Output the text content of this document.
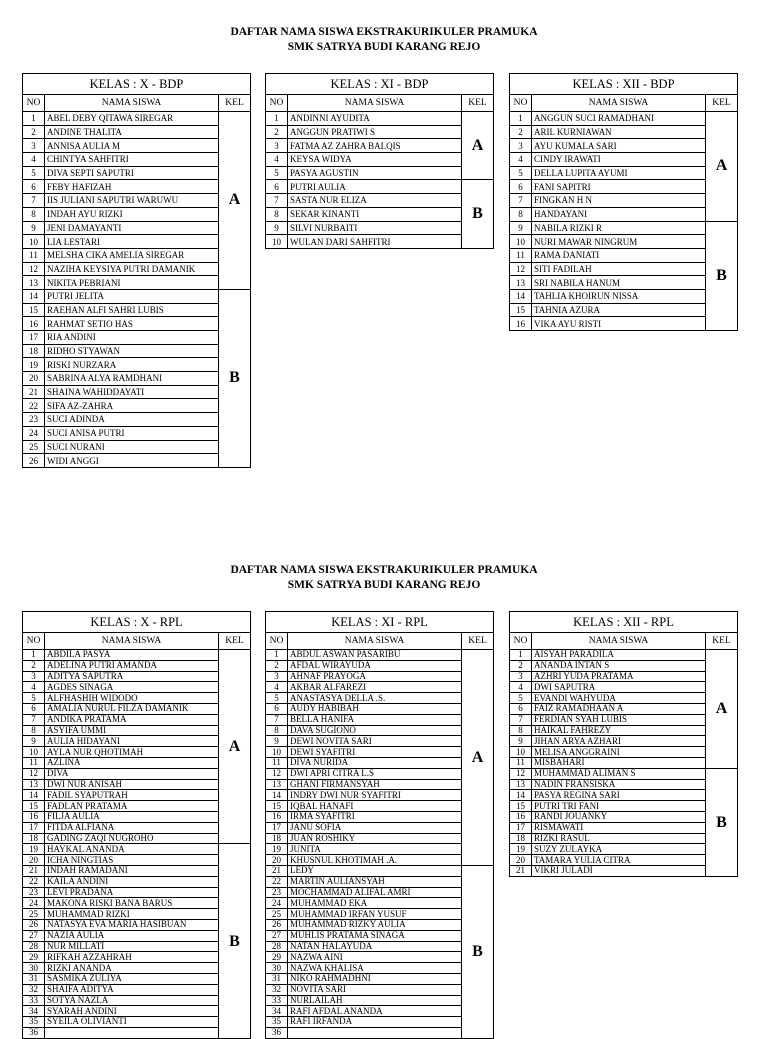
DAFTAR NAMA SISWA EKSTRAKURIKULER PRAMUKA
SMK SATRYA BUDI KARANG REJO
DAFTAR NAMA SISWA EKSTRAKURIKULER PRAMUKA
SMK SATRYA BUDI KARANG REJO
KELAS : X - BDP		
NO	NAMA SISWA	KEL
1	ABEL DEBY QITAWA SIREGAR	A
2	ANDINE THALITA	
3	ANNISA AULIA M	
4	CHINTYA SAHFITRI	
5	DIVA SEPTI SAPUTRI	
6	FEBY HAFIZAH	
7	IIS JULIANI SAPUTRI WARUWU	
8	INDAH AYU RIZKI	
9	JENI DAMAYANTI	
10	LIA LESTARI	
11	MELSHA CIKA AMELIA SIREGAR	
12	NAZIHA KEYSIYA PUTRI DAMANIK	
13	NIKITA PEBRIANI	
14	PUTRI JELITA	B
15	RAEHAN ALFI SAHRI LUBIS	
16	RAHMAT SETIO HAS	
17	RIA ANDINI	
18	RIDHO STYAWAN	
19	RISKI NURZARA	
20	SABRINA ALYA RAMDHANI	
21	SHAINA WAHIDDAYATI	
22	SIFA AZ-ZAHRA	
23	SUCI ADINDA	
24	SUCI ANISA PUTRI	
25	SUCI NURANI	
26	WIDI ANGGI	
KELAS : XI - BDP		
NO	NAMA SISWA	KEL
1	ANDINNI AYUDITA	A
2	ANGGUN PRATIWI S	
3	FATMA AZ ZAHRA BALQIS	
4	KEYSA WIDYA	
5	PASYA AGUSTIN	
6	PUTRI AULIA	B
7	SASTA NUR ELIZA	
8	SEKAR KINANTI	
9	SILVI NURBAITI	
10	WULAN DARI SAHFITRI	
KELAS : XII - BDP		
NO	NAMA SISWA	KEL
1	ANGGUN SUCI RAMADHANI	A
2	ARIL KURNIAWAN	
3	AYU KUMALA SARI	
4	CINDY IRAWATI	
5	DELLA LUPITA AYUMI	
6	FANI SAPITRI	
7	FINGKAN H N	
8	HANDAYANI	
9	NABILA RIZKI R	B
10	NURI MAWAR NINGRUM	
11	RAMA DANIATI	
12	SITI FADILAH	
13	SRI NABILA HANUM	
14	TAHLIA KHOIRUN NISSA	
15	TAHNIA AZURA	
16	VIKA AYU RISTI	
KELAS : X - RPL		
NO	NAMA SISWA	KEL
1	ABDILA PASYA	A
2	ADELINA PUTRI AMANDA	
3	ADITYA SAPUTRA	
4	AGDES SINAGA	
5	ALFHASHIH WIDODO	
6	AMALIA NURUL FILZA DAMANIK	
7	ANDIKA PRATAMA	
8	ASYIFA UMMI	
9	AULIA HIDAYANI	
10	AYLA NUR QHOTIMAH	
11	AZLINA	
12	DIVA	
13	DWI NUR ANISAH	
14	FADIL SYAPUTRAH	
15	FADLAN PRATAMA	
16	FILJA AULIA	
17	FITDA ALFIANA	
18	GADING ZAQI NUGROHO	
19	HAYKAL ANANDA	B
20	ICHA NINGTIAS	
21	INDAH RAMADANI	
22	KAILA ANDINI	
23	LEVI PRADANA	
24	MAKONA RISKI BANA BARUS	
25	MUHAMMAD RIZKI	
26	NATASYA EVA MARIA HASIBUAN	
27	NAZIA AULIA	
28	NUR MILLATI	
29	RIFKAH AZZAHRAH	
30	RIZKI ANANDA	
31	SASMIKA ZULIYA	
32	SHAIFA ADITYA	
33	SOTYA NAZLA	
34	SYARAH ANDINI	
35	SYEILA OLIVIANTI	
36		
KELAS : XI - RPL		
NO	NAMA SISWA	KEL
1	ABDUL ASWAN PASARIBU	A
2	AFDAL WIRAYUDA	
3	AHNAF PRAYOGA	
4	AKBAR ALFAREZI	
5	ANASTASYA DELLA .S.	
6	AUDY HABIBAH	
7	BELLA HANIFA	
8	DAVA SUGIONO	
9	DEWI NOVITA SARI	
10	DEWI SYAFITRI	
11	DIVA NURIDA	
12	DWI APRI CITRA L.S	
13	GHANI FIRMANSYAH	
14	INDRY DWI NUR SYAFITRI	
15	IQBAL HANAFI	
16	IRMA SYAFITRI	
17	JANU SOFIA	
18	JUAN ROSHIKY	
19	JUNITA	
20	KHUSNUL KHOTIMAH .A.	
21	LEDY	B
22	MARTIN AULIANSYAH	
23	MOCHAMMAD ALIFAL AMRI	
24	MUHAMMAD EKA	
25	MUHAMMAD IRFAN YUSUF	
26	MUHAMMAD RIZKY AULIA	
27	MUHLIS PRATAMA SINAGA	
28	NATAN HALAYUDA	
29	NAZWA AINI	
30	NAZWA KHALISA	
31	NIKO RAHMADHNI	
32	NOVITA SARI	
33	NURLAILAH	
34	RAFI AFDAL ANANDA	
35	RAFI IRFANDA	
36		
KELAS : XII - RPL		
NO	NAMA SISWA	KEL
1	AISYAH PARADILA	A
2	ANANDA INTAN S	
3	AZHRI YUDA PRATAMA	
4	DWI SAPUTRA	
5	EVANDI WAHYUDA	
6	FAIZ RAMADHAAN A	
7	FERDIAN SYAH LUBIS	
8	HAIKAL FAHREZY	
9	JIHAN ARYA AZHARI	
10	MELISA ANGGRAINI	
11	MISBAHARI	
12	MUHAMMAD ALIMAN S	B
13	NADIN FRANSISKA	
14	PASYA REGINA SARI	
15	PUTRI TRI FANI	
16	RANDI JOUANKY	
17	RISMAWATI	
18	RIZKI RASUL	
19	SUZY ZULAYKA	
20	TAMARA YULIA CITRA	
21	VIKRI JULADI	
